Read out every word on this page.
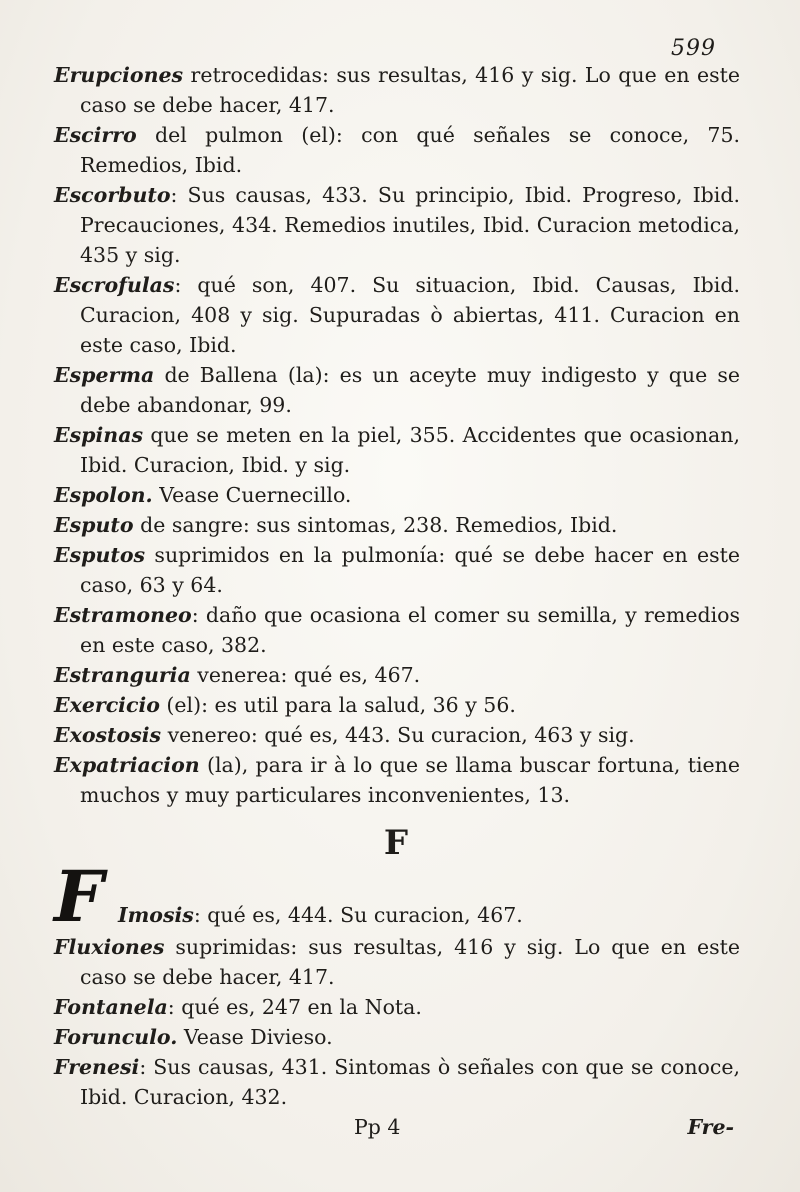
599

Erupciones retrocedidas: sus resultas, 416 y sig. Lo que en este caso se debe hacer, 417.

Escirro del pulmon (el): con qué señales se conoce, 75. Remedios, Ibid.

Escorbuto: Sus causas, 433. Su principio, Ibid. Progreso, Ibid. Precauciones, 434. Remedios inutiles, Ibid. Curacion metodica, 435 y sig.

Escrofulas: qué son, 407. Su situacion, Ibid. Causas, Ibid. Curacion, 408 y sig. Supuradas ò abiertas, 411. Curacion en este caso, Ibid.

Esperma de Ballena (la): es un aceyte muy indigesto y que se debe abandonar, 99.

Espinas que se meten en la piel, 355. Accidentes que ocasionan, Ibid. Curacion, Ibid. y sig.

Espolon. Vease Cuernecillo.

Esputo de sangre: sus sintomas, 238. Remedios, Ibid.

Esputos suprimidos en la pulmonía: qué se debe hacer en este caso, 63 y 64.

Estramoneo: daño que ocasiona el comer su semilla, y remedios en este caso, 382.

Estranguria venerea: qué es, 467.

Exercicio (el): es util para la salud, 36 y 56.

Exostosis venereo: qué es, 443. Su curacion, 463 y sig.

Expatriacion (la), para ir à lo que se llama buscar fortuna, tiene muchos y muy particulares inconvenientes, 13.

F

F Imosis: qué es, 444. Su curacion, 467.

Fluxiones suprimidas: sus resultas, 416 y sig. Lo que en este caso se debe hacer, 417.

Fontanela: qué es, 247 en la Nota.

Forunculo. Vease Divieso.

Frenesi: Sus causas, 431. Sintomas ò señales con que se conoce, Ibid. Curacion, 432.

Pp 4	Fre-
